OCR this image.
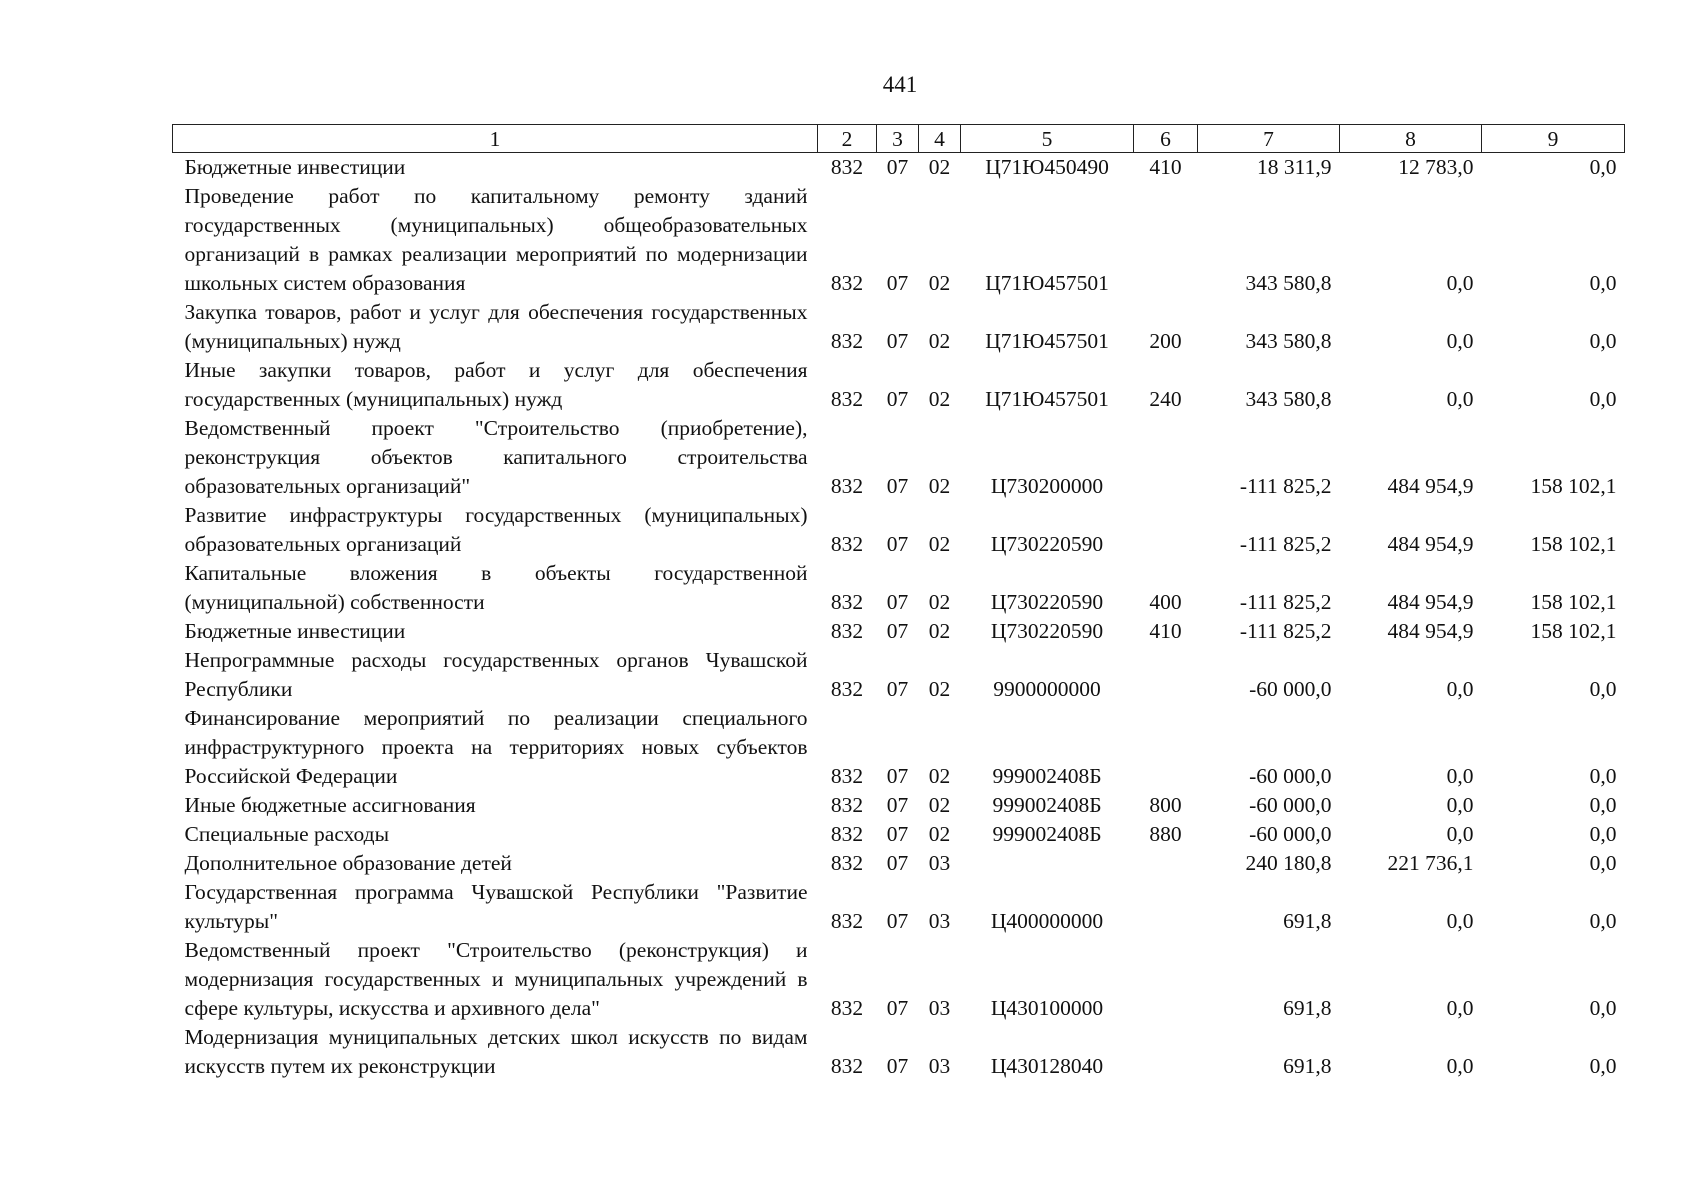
441
1	2	3	4	5	6	7	8	9
Бюджетные инвестиции	832	07	02	Ц71Ю450490	410	18 311,9	12 783,0	0,0
Проведение работ по капитальному ремонту зданий государственных (муниципальных) общеобразовательных организаций в рамках реализации мероприятий по модернизации школьных систем образования	832	07	02	Ц71Ю457501		343 580,8	0,0	0,0
Закупка товаров, работ и услуг для обеспечения государственных (муниципальных) нужд	832	07	02	Ц71Ю457501	200	343 580,8	0,0	0,0
Иные закупки товаров, работ и услуг для обеспечения государственных (муниципальных) нужд	832	07	02	Ц71Ю457501	240	343 580,8	0,0	0,0
Ведомственный проект "Строительство (приобретение), реконструкция объектов капитального строительства образовательных организаций"	832	07	02	Ц730200000		-111 825,2	484 954,9	158 102,1
Развитие инфраструктуры государственных (муниципальных) образовательных организаций	832	07	02	Ц730220590		-111 825,2	484 954,9	158 102,1
Капитальные вложения в объекты государственной (муниципальной) собственности	832	07	02	Ц730220590	400	-111 825,2	484 954,9	158 102,1
Бюджетные инвестиции	832	07	02	Ц730220590	410	-111 825,2	484 954,9	158 102,1
Непрограммные расходы государственных органов Чувашской Республики	832	07	02	9900000000		-60 000,0	0,0	0,0
Финансирование мероприятий по реализации специального инфраструктурного проекта на территориях новых субъектов Российской Федерации	832	07	02	999002408Б		-60 000,0	0,0	0,0
Иные бюджетные ассигнования	832	07	02	999002408Б	800	-60 000,0	0,0	0,0
Специальные расходы	832	07	02	999002408Б	880	-60 000,0	0,0	0,0
Дополнительное образование детей	832	07	03			240 180,8	221 736,1	0,0
Государственная программа Чувашской Республики "Развитие культуры"	832	07	03	Ц400000000		691,8	0,0	0,0
Ведомственный проект "Строительство (реконструкция) и модернизация государственных и муниципальных учреждений в сфере культуры, искусства и архивного дела"	832	07	03	Ц430100000		691,8	0,0	0,0
Модернизация муниципальных детских школ искусств по видам искусств путем их реконструкции	832	07	03	Ц430128040		691,8	0,0	0,0
